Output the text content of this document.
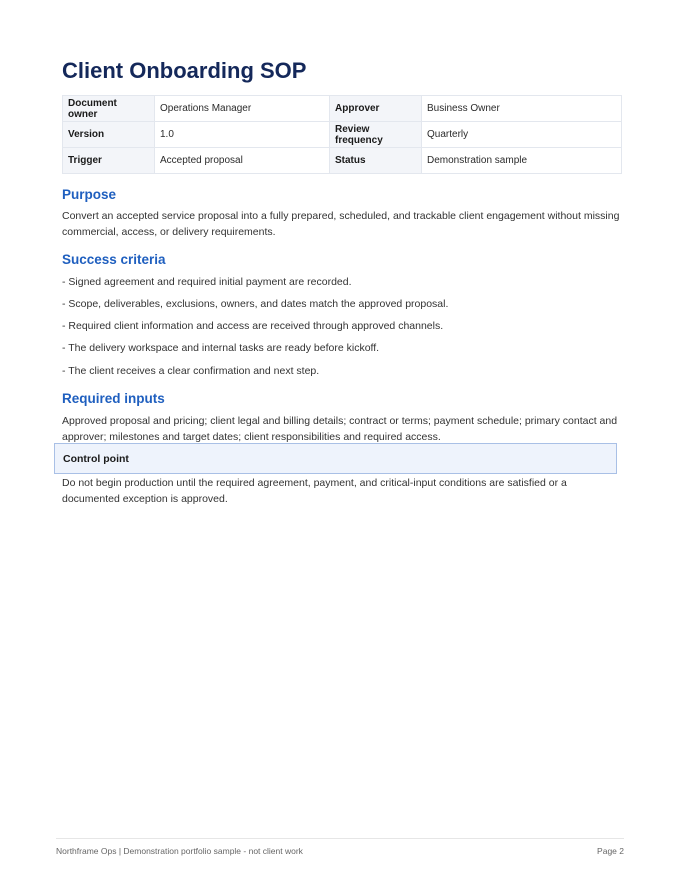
Client Onboarding SOP
Document owner	Operations Manager	Approver	Business Owner
Version	1.0	Review frequency	Quarterly
Trigger	Accepted proposal	Status	Demonstration sample
Purpose

Convert an accepted service proposal into a fully prepared, scheduled, and trackable client engagement without missing commercial, access, or delivery requirements.

Success criteria

- Signed agreement and required initial payment are recorded.

- Scope, deliverables, exclusions, owners, and dates match the approved proposal.

- Required client information and access are received through approved channels.

- The delivery workspace and internal tasks are ready before kickoff.

- The client receives a clear confirmation and next step.

Required inputs

Approved proposal and pricing; client legal and billing details; contract or terms; payment schedule; primary contact and approver; milestones and target dates; client responsibilities and required access.

Control point

Do not begin production until the required agreement, payment, and critical-input conditions are satisfied or a documented exception is approved.

Northframe Ops | Demonstration portfolio sample - not client work	Page 2
